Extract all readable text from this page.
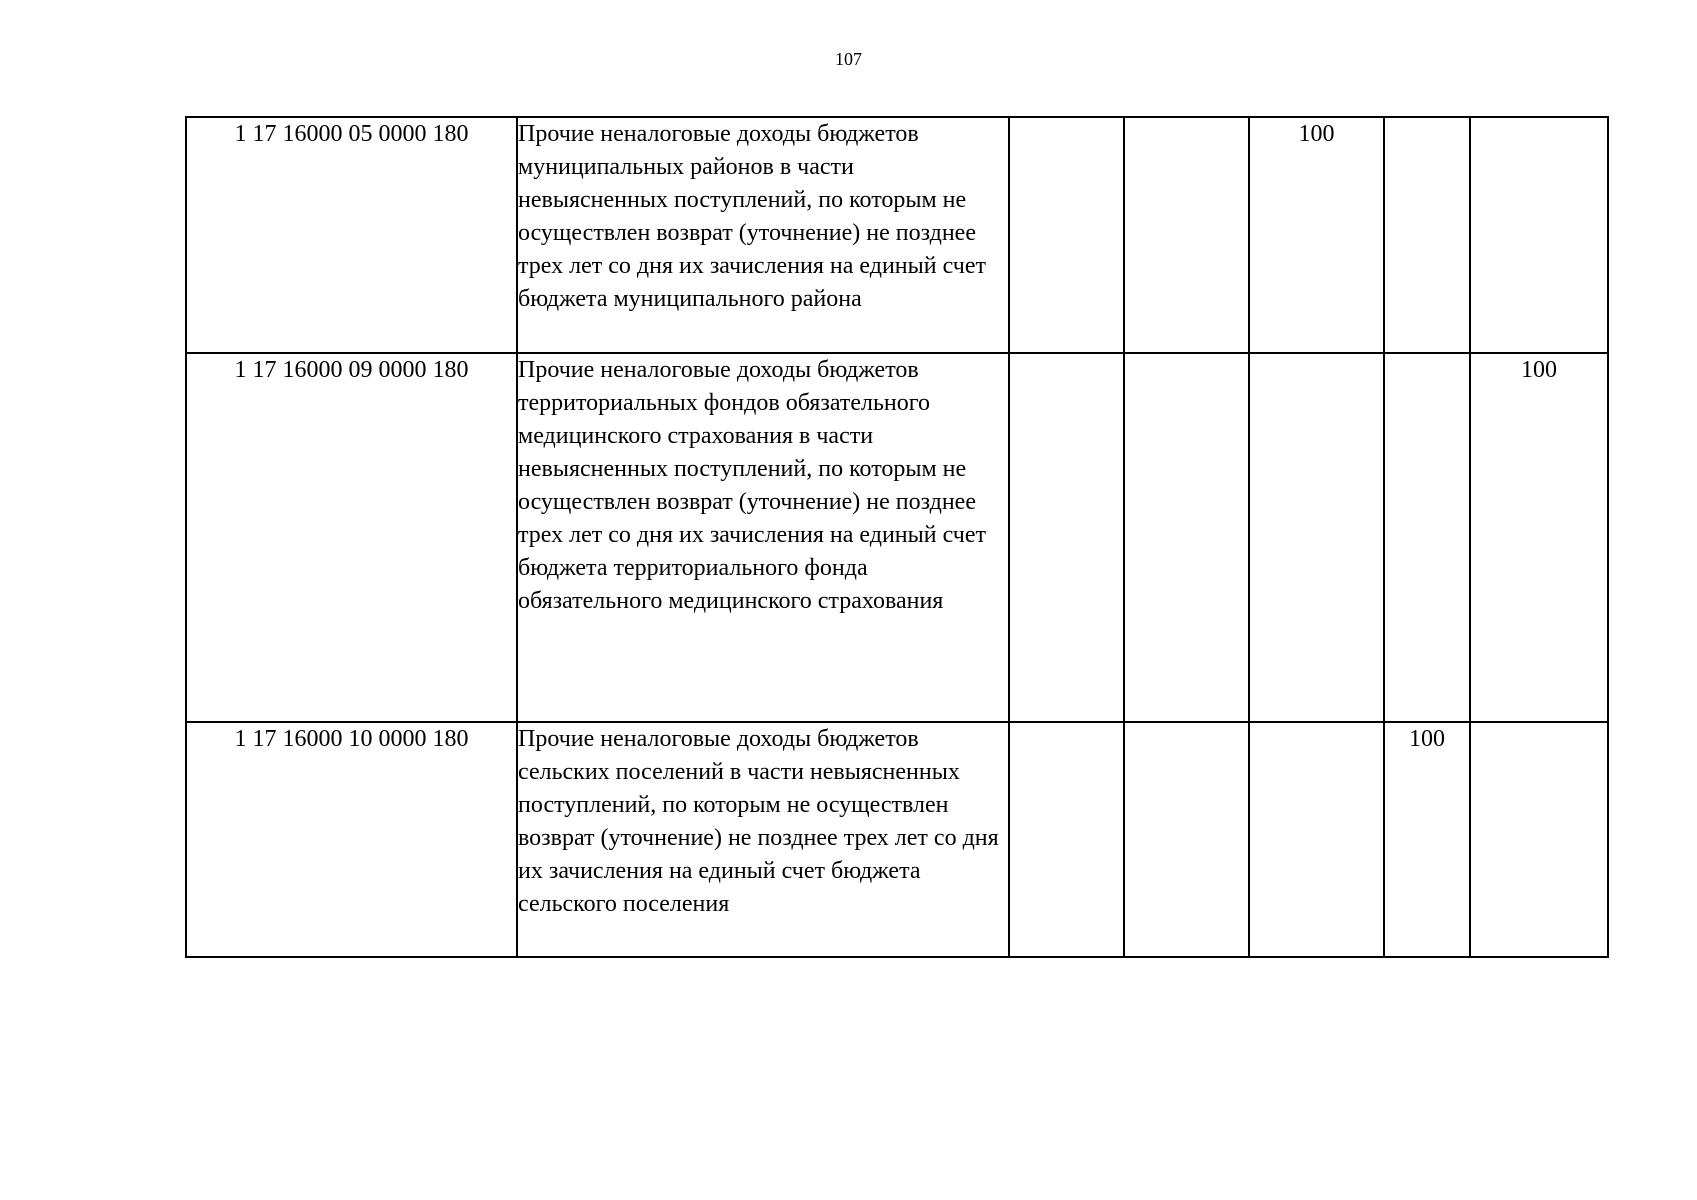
107
1 17 16000 05 0000 180	Прочие неналоговые доходы бюджетов муниципальных районов в части невыясненных поступлений, по которым не осуществлен возврат (уточнение) не позднее трех лет со дня их зачисления на единый счет бюджета муниципального района			100		
1 17 16000 09 0000 180	Прочие неналоговые доходы бюджетов территориальных фондов обязательного медицинского страхования в части невыясненных поступлений, по которым не осуществлен возврат (уточнение) не позднее трех лет со дня их зачисления на единый счет бюджета территориального фонда обязательного медицинского страхования					100
1 17 16000 10 0000 180	Прочие неналоговые доходы бюджетов сельских поселений в части невыясненных поступлений, по которым не осуществлен возврат (уточнение) не позднее трех лет со дня их зачисления на единый счет бюджета сельского поселения				100	
